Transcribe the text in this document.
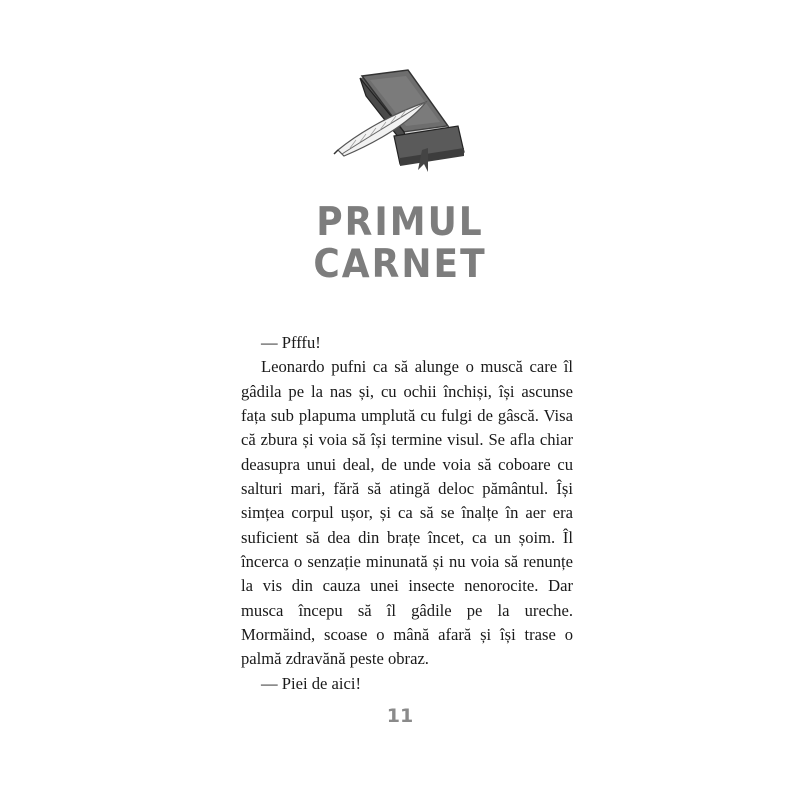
PRIMUL
CARNET

— Pfffu!

Leonardo pufni ca să alunge o muscă care îl gâdila pe la nas și, cu ochii închiși, își ascunse fața sub plapuma umplută cu fulgi de gâscă. Visa că zbura și voia să își termine visul. Se afla chiar deasupra unui deal, de unde voia să coboare cu salturi mari, fără să atingă deloc pământul. Își simțea corpul ușor, și ca să se înalțe în aer era suficient să dea din brațe încet, ca un șoim. Îl încerca o senzație minunată și nu voia să renunțe la vis din cauza unei insecte nenorocite. Dar musca începu să îl gâdile pe la ureche. Mormăind, scoase o mână afară și își trase o palmă zdravănă peste obraz.

— Piei de aici!

11
